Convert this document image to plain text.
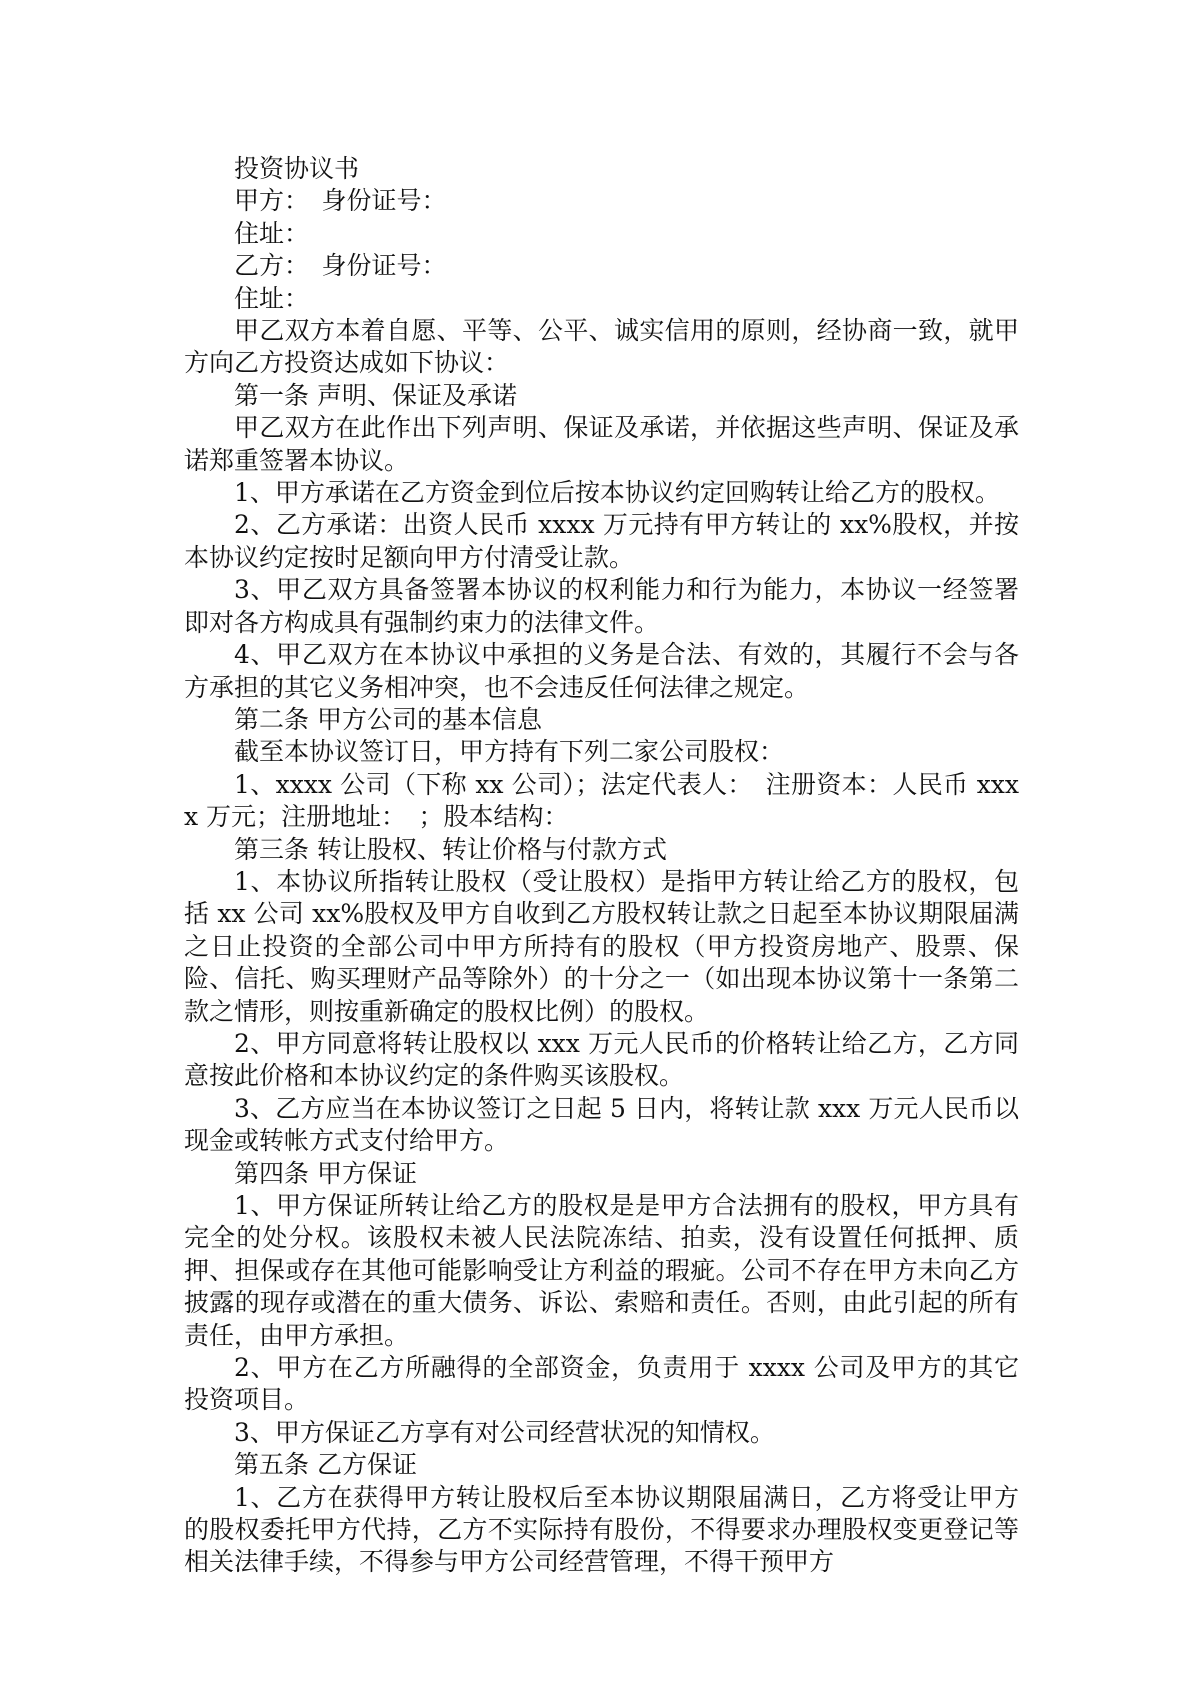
投资协议书

甲方：　身份证号：

住址：

乙方：　身份证号：

住址：

甲乙双方本着自愿、平等、公平、诚实信用的原则，经协商一致，就甲方向乙方投资达成如下协议：

第一条 声明、保证及承诺

甲乙双方在此作出下列声明、保证及承诺，并依据这些声明、保证及承诺郑重签署本协议。

1、甲方承诺在乙方资金到位后按本协议约定回购转让给乙方的股权。

2、乙方承诺：出资人民币 xxxx 万元持有甲方转让的 xx%股权，并按本协议约定按时足额向甲方付清受让款。

3、甲乙双方具备签署本协议的权利能力和行为能力，本协议一经签署即对各方构成具有强制约束力的法律文件。

4、甲乙双方在本协议中承担的义务是合法、有效的，其履行不会与各方承担的其它义务相冲突，也不会违反任何法律之规定。

第二条 甲方公司的基本信息

截至本协议签订日，甲方持有下列二家公司股权：

1、xxxx 公司（下称 xx 公司）；法定代表人：　注册资本：人民币 xxxx 万元；注册地址：　；股本结构：

第三条 转让股权、转让价格与付款方式

1、本协议所指转让股权（受让股权）是指甲方转让给乙方的股权，包括 xx 公司 xx%股权及甲方自收到乙方股权转让款之日起至本协议期限届满之日止投资的全部公司中甲方所持有的股权（甲方投资房地产、股票、保险、信托、购买理财产品等除外）的十分之一（如出现本协议第十一条第二款之情形，则按重新确定的股权比例）的股权。

2、甲方同意将转让股权以 xxx 万元人民币的价格转让给乙方，乙方同意按此价格和本协议约定的条件购买该股权。

3、乙方应当在本协议签订之日起 5 日内，将转让款 xxx 万元人民币以现金或转帐方式支付给甲方。

第四条 甲方保证

1、甲方保证所转让给乙方的股权是是甲方合法拥有的股权，甲方具有完全的处分权。该股权未被人民法院冻结、拍卖，没有设置任何抵押、质押、担保或存在其他可能影响受让方利益的瑕疵。公司不存在甲方未向乙方披露的现存或潜在的重大债务、诉讼、索赔和责任。否则，由此引起的所有责任，由甲方承担。

2、甲方在乙方所融得的全部资金，负责用于 xxxx 公司及甲方的其它投资项目。

3、甲方保证乙方享有对公司经营状况的知情权。

第五条 乙方保证

1、乙方在获得甲方转让股权后至本协议期限届满日，乙方将受让甲方的股权委托甲方代持，乙方不实际持有股份，不得要求办理股权变更登记等相关法律手续，不得参与甲方公司经营管理，不得干预甲方
